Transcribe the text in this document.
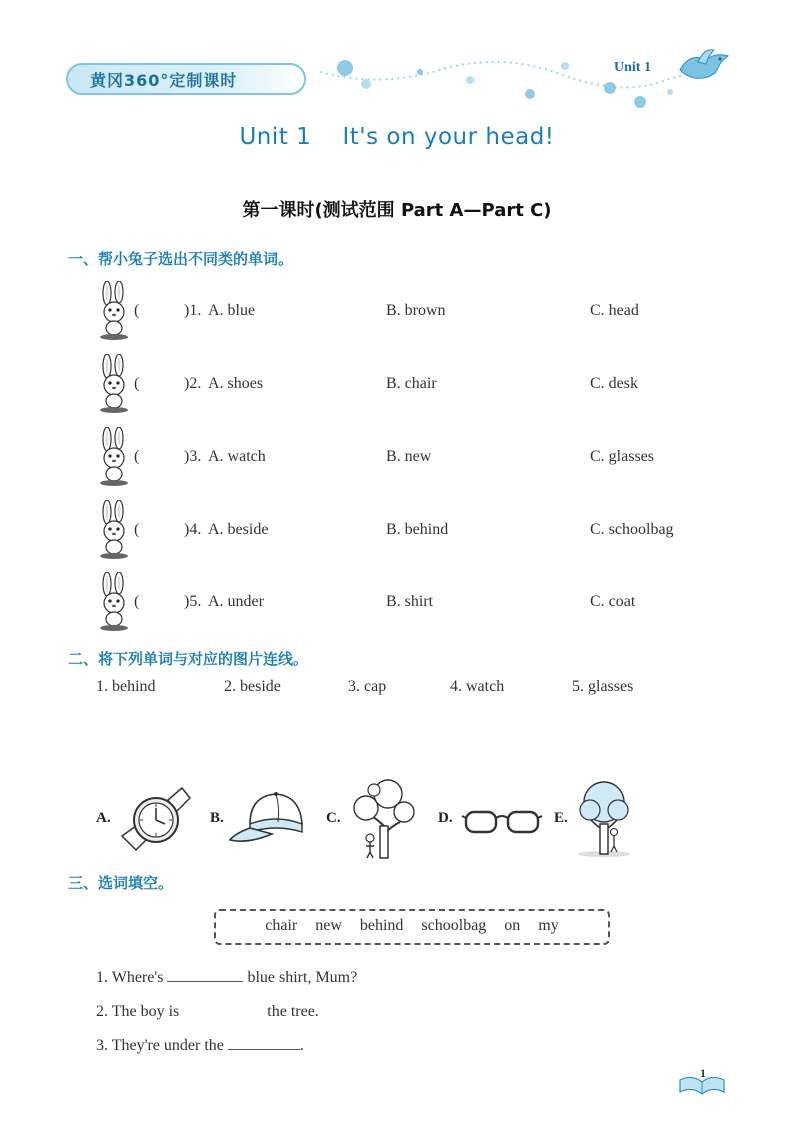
黄冈360°定制课时
Unit 1
Unit 1    It's on your head!
第一课时(测试范围 Part A—Part C)
一、帮小兔子选出不同类的单词。
(	)1. A. blue	B. brown	C. head
(	)2. A. shoes	B. chair	C. desk
(	)3. A. watch	B. new	C. glasses
(	)4. A. beside	B. behind	C. schoolbag
(	)5. A. under	B. shirt	C. coat
二、将下列单词与对应的图片连线。
1. behind	2. beside	3. cap	4. watch	5. glasses
A.	B.	C.	D.	E.
三、选词填空。
chair new behind schoolbag on my
1. Where's	blue shirt, Mum?
2. The boy is	the tree.
3. They're under the	.
1
